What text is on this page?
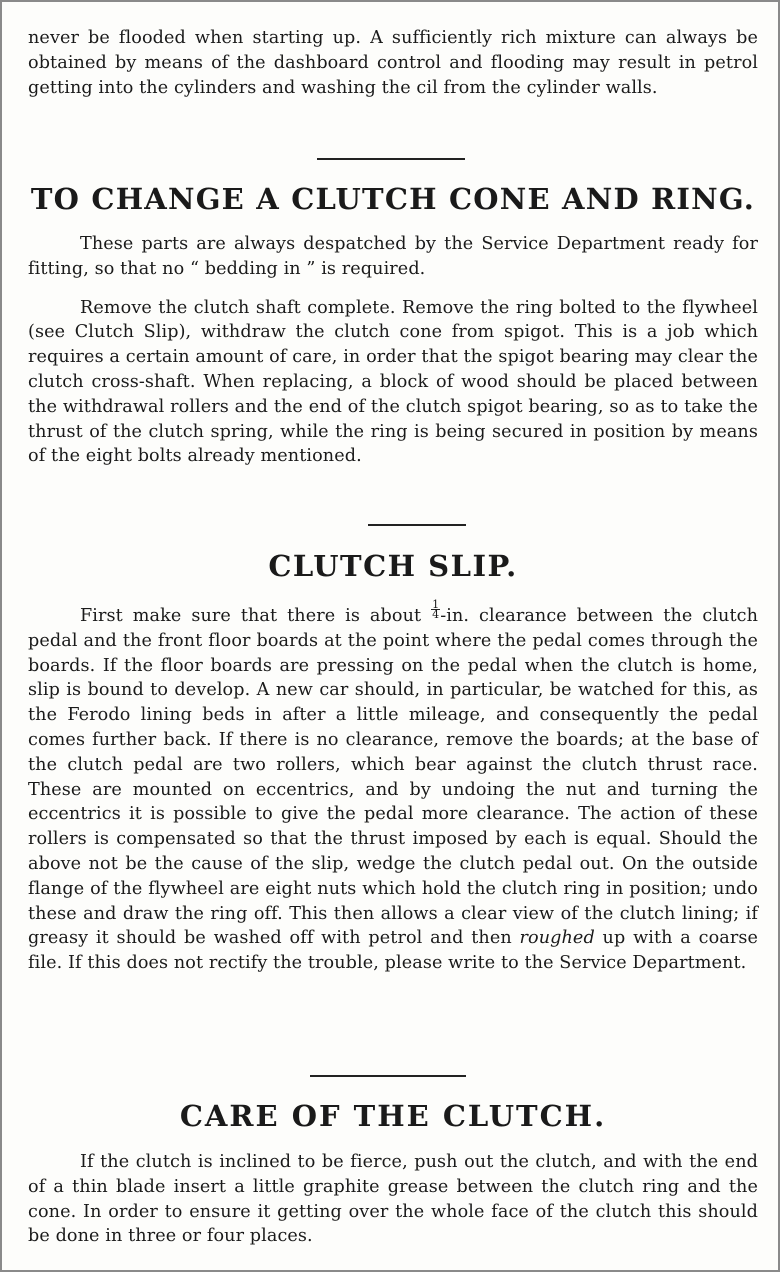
never be flooded when starting up. A sufficiently rich mixture can always be obtained by means of the dashboard control and flooding may result in petrol getting into the cylinders and washing the cil from the cylinder walls.

TO CHANGE A CLUTCH CONE AND RING.

These parts are always despatched by the Service Department ready for fitting, so that no “ bedding in ” is required.

Remove the clutch shaft complete. Remove the ring bolted to the flywheel (see Clutch Slip), withdraw the clutch cone from spigot. This is a job which requires a certain amount of care, in order that the spigot bearing may clear the clutch cross-shaft. When replacing, a block of wood should be placed between the withdrawal rollers and the end of the clutch spigot bearing, so as to take the thrust of the clutch spring, while the ring is being secured in position by means of the eight bolts already mentioned.

CLUTCH SLIP.

First make sure that there is about $\frac{1}{4} -in$. clearance between the clutch pedal and the front floor boards at the point where the pedal comes through the boards. If the floor boards are pressing on the pedal when the clutch is home, slip is bound to develop. A new car should, in particular, be watched for this, as the Ferodo lining beds in after a little mileage, and consequently the pedal comes further back. If there is no clearance, remove the boards; at the base of the clutch pedal are two rollers, which bear against the clutch thrust race. These are mounted on eccentrics, and by undoing the nut and turning the eccentrics it is possible to give the pedal more clearance. The action of these rollers is compensated so that the thrust imposed by each is equal. Should the above not be the cause of the slip, wedge the clutch pedal out. On the outside flange of the flywheel are eight nuts which hold the clutch ring in position; undo these and draw the ring off. This then allows a clear view of the clutch lining; if greasy it should be washed off with petrol and then roughed up with a coarse file. If this does not rectify the trouble, please write to the Service Department.

CARE OF THE CLUTCH.

If the clutch is inclined to be fierce, push out the clutch, and with the end of a thin blade insert a little graphite grease between the clutch ring and the cone. In order to ensure it getting over the whole face of the clutch this should be done in three or four places.
